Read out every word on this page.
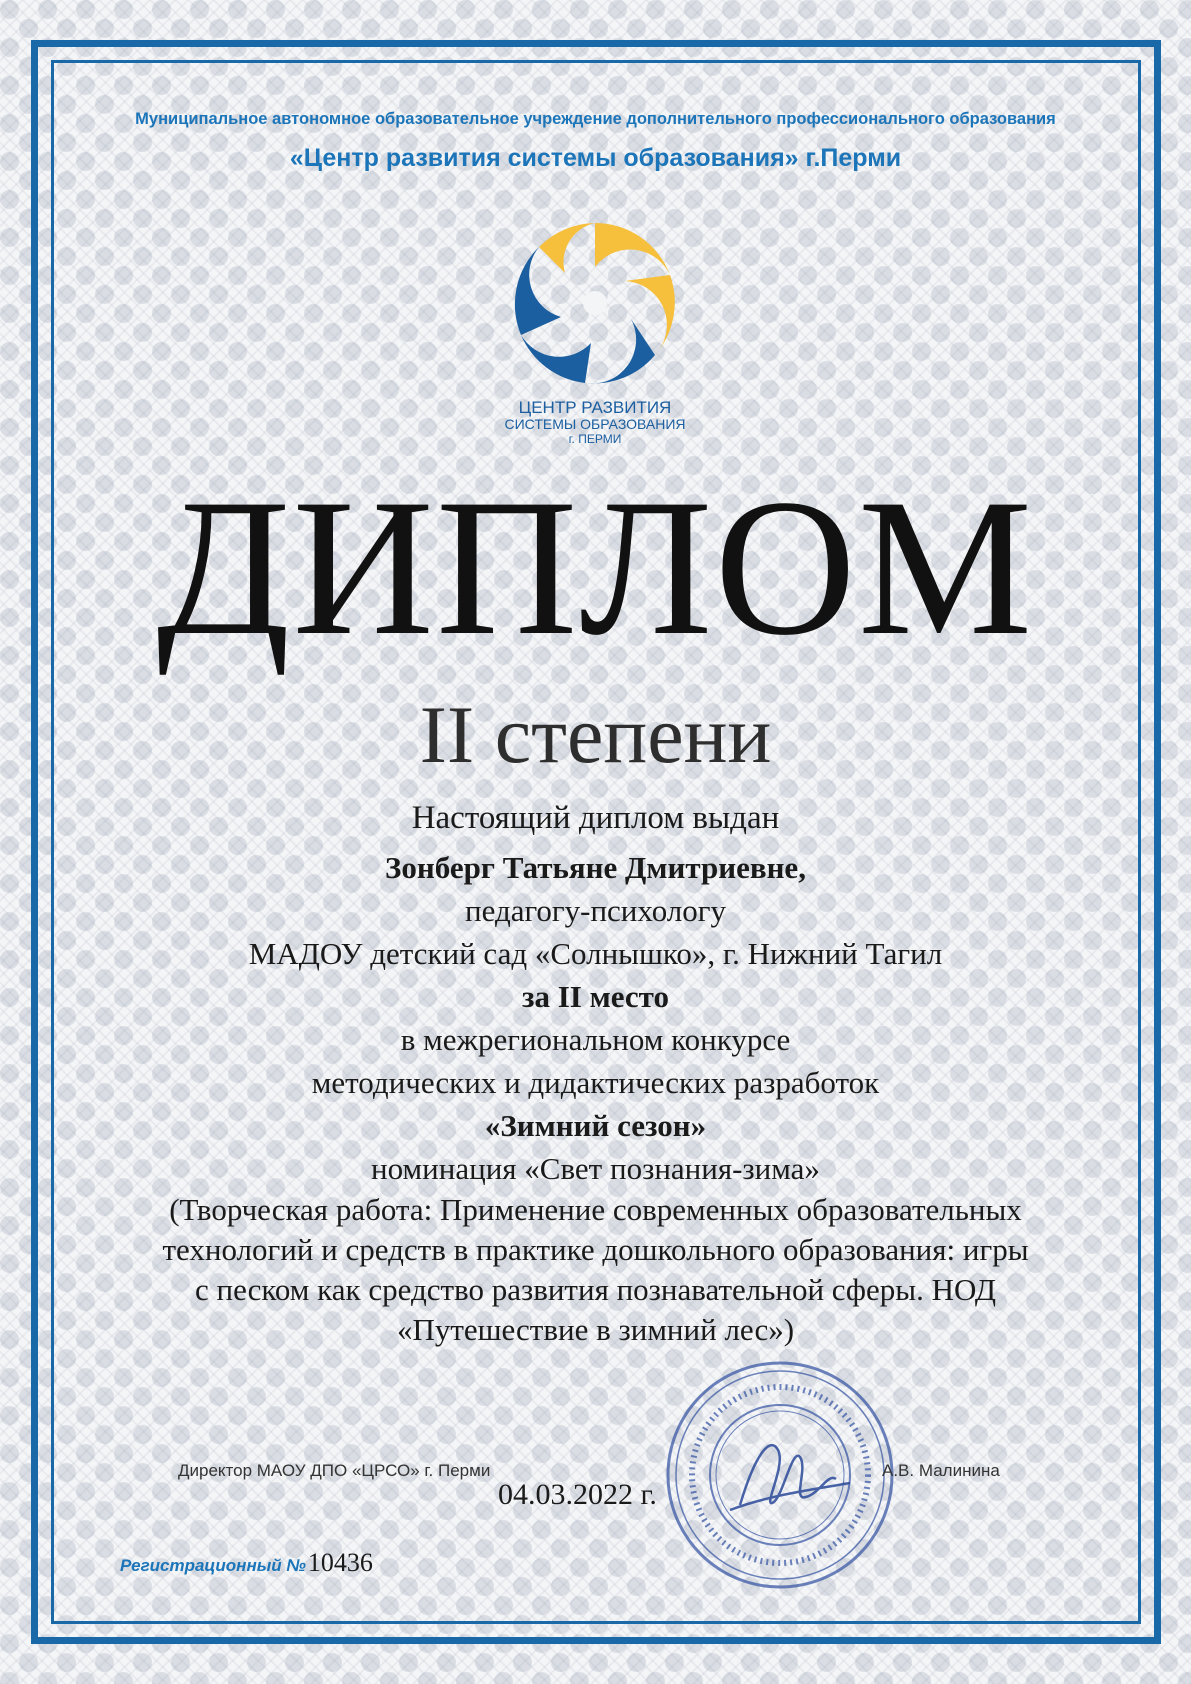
Муниципальное автономное образовательное учреждение дополнительного профессионального образования
«Центр развития системы образования» г.Перми
ЦЕНТР РАЗВИТИЯ
СИСТЕМЫ ОБРАЗОВАНИЯ
г. ПЕРМИ
ДИПЛОМ
II степени
Настоящий диплом выдан
Зонберг Татьяне Дмитриевне,
педагогу-психологу
МАДОУ детский сад «Солнышко», г. Нижний Тагил
за II место
в межрегиональном конкурсе
методических и дидактических разработок
«Зимний сезон»
номинация «Свет познания-зима»
(Творческая работа: Применение современных образовательных
технологий и средств в практике дошкольного образования: игры
с песком как средство развития познавательной сферы. НОД
«Путешествие в зимний лес»)
Директор МАОУ ДПО «ЦРСО» г. Перми	А.В. Малинина
04.03.2022 г.
Регистрационный №10436
